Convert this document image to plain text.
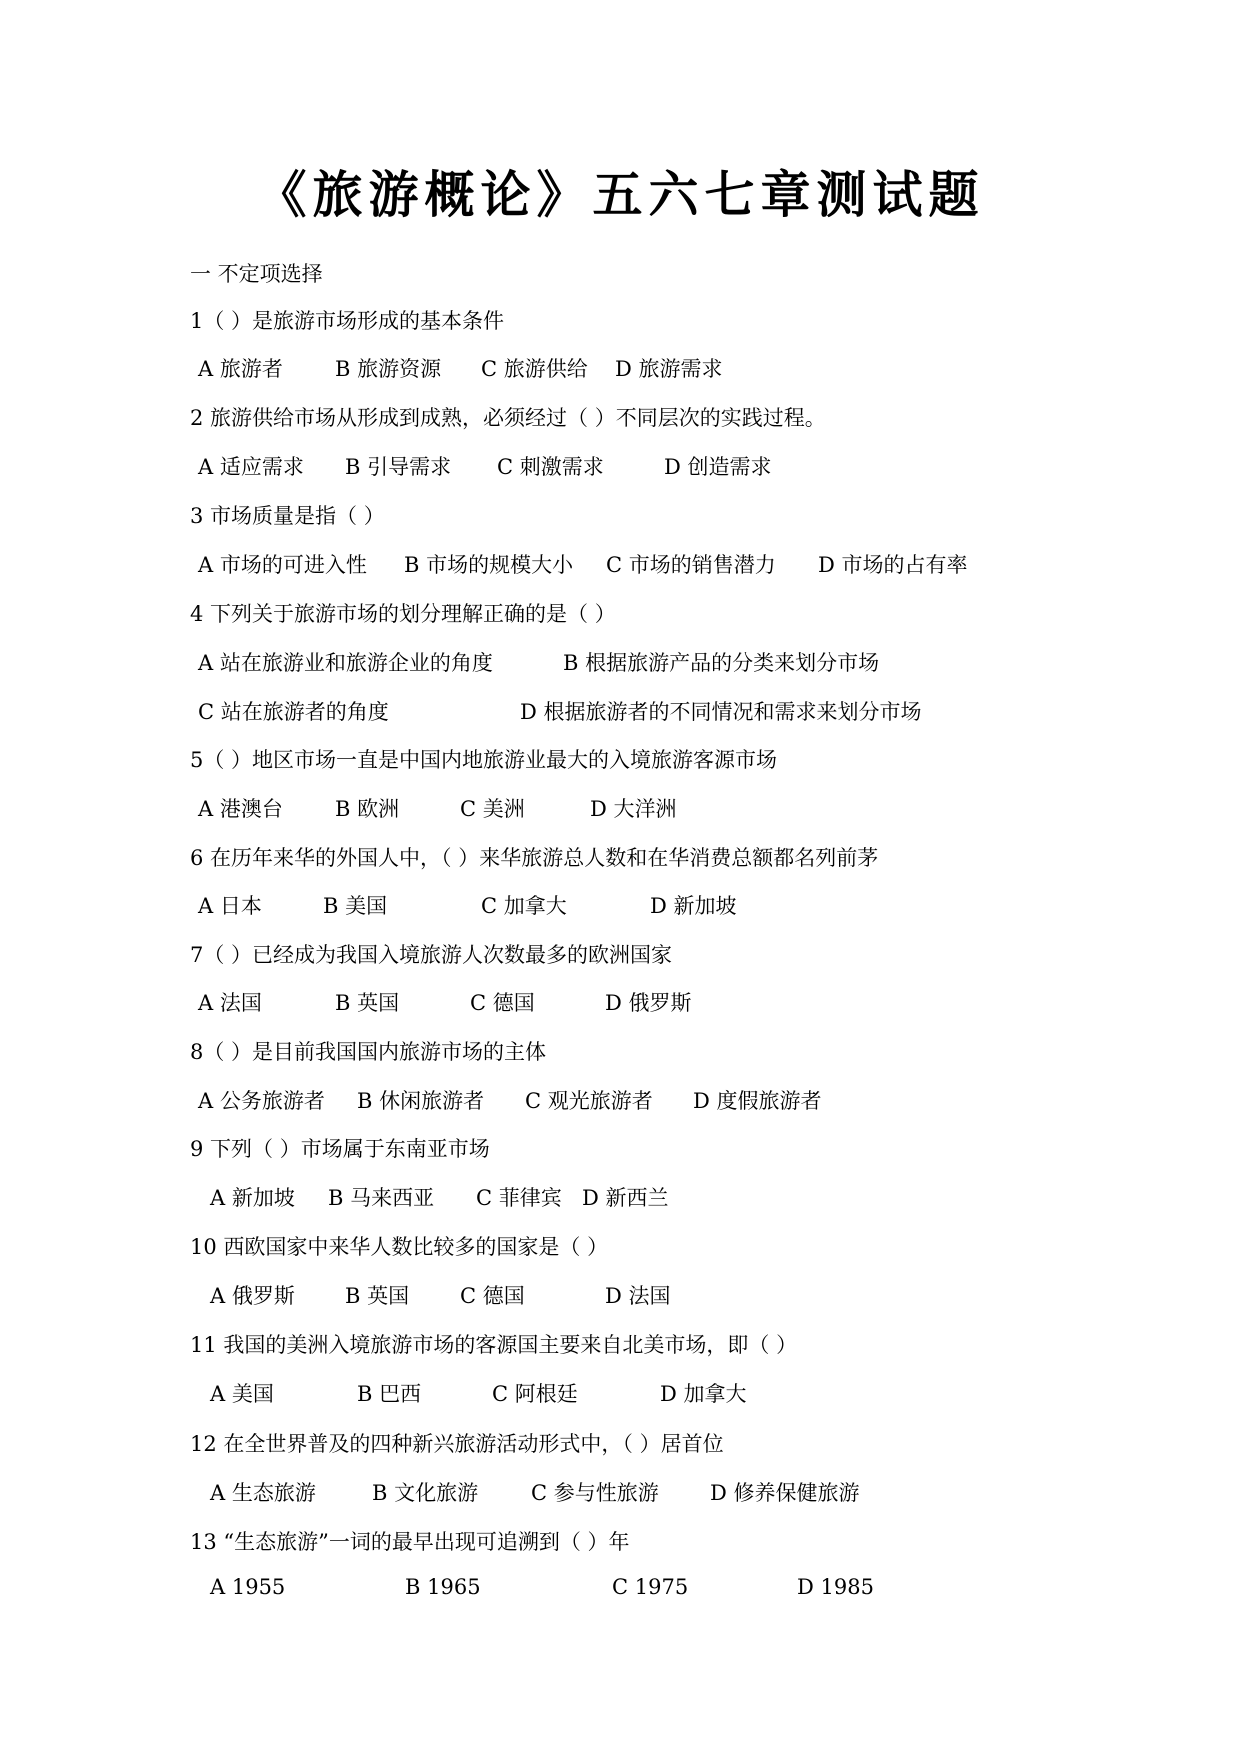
《旅游概论》五六七章测试题
一 不定项选择
1（ ）是旅游市场形成的基本条件
A 旅游者 B 旅游资源 C 旅游供给 D 旅游需求
2 旅游供给市场从形成到成熟，必须经过（ ）不同层次的实践过程。
A 适应需求 B 引导需求 C 刺激需求	D 创造需求
3 市场质量是指（ ）
A 市场的可进入性 B 市场的规模大小 C 市场的销售潜力 D 市场的占有率
4 下列关于旅游市场的划分理解正确的是（ ）
A 站在旅游业和旅游企业的角度	B 根据旅游产品的分类来划分市场
C 站在旅游者的角度	D 根据旅游者的不同情况和需求来划分市场
5（ ）地区市场一直是中国内地旅游业最大的入境旅游客源市场
A 港澳台 B 欧洲	C 美洲	D 大洋洲
6 在历年来华的外国人中，（ ）来华旅游总人数和在华消费总额都名列前茅
A 日本	B 美国	C 加拿大	D 新加坡
7（ ）已经成为我国入境旅游人次数最多的欧洲国家
A 法国	B 英国	C 德国	D 俄罗斯
8（ ）是目前我国国内旅游市场的主体
A 公务旅游者 B 休闲旅游者 C 观光旅游者 D 度假旅游者
9 下列（ ）市场属于东南亚市场
A 新加坡 B 马来西亚 C 菲律宾 D 新西兰
10 西欧国家中来华人数比较多的国家是（ ）
A 俄罗斯 B 英国 C 德国	D 法国
11 我国的美洲入境旅游市场的客源国主要来自北美市场，即（ ）
A 美国	B 巴西	C 阿根廷	D 加拿大
12 在全世界普及的四种新兴旅游活动形式中，（ ）居首位
A 生态旅游	B 文化旅游	C 参与性旅游 D 修养保健旅游
13 “生态旅游”一词的最早出现可追溯到（ ）年
A 1955	B 1965	C 1975	D 1985
